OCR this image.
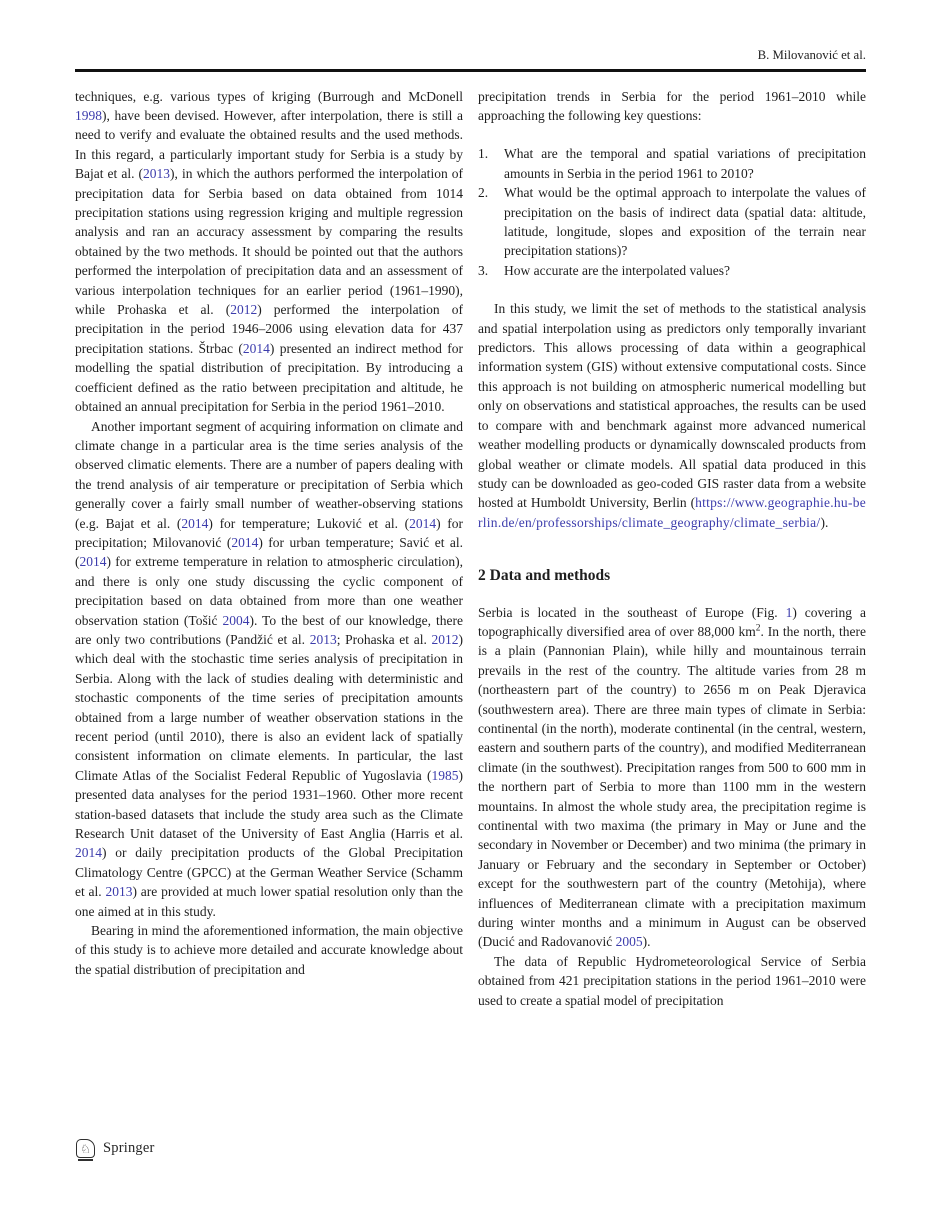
B. Milovanović et al.

techniques, e.g. various types of kriging (Burrough and McDonell 1998), have been devised. However, after interpolation, there is still a need to verify and evaluate the obtained results and the used methods. In this regard, a particularly important study for Serbia is a study by Bajat et al. (2013), in which the authors performed the interpolation of precipitation data for Serbia based on data obtained from 1014 precipitation stations using regression kriging and multiple regression analysis and ran an accuracy assessment by comparing the results obtained by the two methods. It should be pointed out that the authors performed the interpolation of precipitation data and an assessment of various interpolation techniques for an earlier period (1961–1990), while Prohaska et al. (2012) performed the interpolation of precipitation in the period 1946–2006 using elevation data for 437 precipitation stations. Štrbac (2014) presented an indirect method for modelling the spatial distribution of precipitation. By introducing a coefficient defined as the ratio between precipitation and altitude, he obtained an annual precipitation for Serbia in the period 1961–2010.

Another important segment of acquiring information on climate and climate change in a particular area is the time series analysis of the observed climatic elements. There are a number of papers dealing with the trend analysis of air temperature or precipitation of Serbia which generally cover a fairly small number of weather-observing stations (e.g. Bajat et al. (2014) for temperature; Luković et al. (2014) for precipitation; Milovanović (2014) for urban temperature; Savić et al. (2014) for extreme temperature in relation to atmospheric circulation), and there is only one study discussing the cyclic component of precipitation based on data obtained from more than one weather observation station (Tošić 2004). To the best of our knowledge, there are only two contributions (Pandžić et al. 2013; Prohaska et al. 2012) which deal with the stochastic time series analysis of precipitation in Serbia. Along with the lack of studies dealing with deterministic and stochastic components of the time series of precipitation amounts obtained from a large number of weather observation stations in the recent period (until 2010), there is also an evident lack of spatially consistent information on climate elements. In particular, the last Climate Atlas of the Socialist Federal Republic of Yugoslavia (1985) presented data analyses for the period 1931–1960. Other more recent station-based datasets that include the study area such as the Climate Research Unit dataset of the University of East Anglia (Harris et al. 2014) or daily precipitation products of the Global Precipitation Climatology Centre (GPCC) at the German Weather Service (Schamm et al. 2013) are provided at much lower spatial resolution only than the one aimed at in this study.

Bearing in mind the aforementioned information, the main objective of this study is to achieve more detailed and accurate knowledge about the spatial distribution of precipitation and

precipitation trends in Serbia for the period 1961–2010 while approaching the following key questions:

1.	What are the temporal and spatial variations of precipitation amounts in Serbia in the period 1961 to 2010?
2.	What would be the optimal approach to interpolate the values of precipitation on the basis of indirect data (spatial data: altitude, latitude, longitude, slopes and exposition of the terrain near precipitation stations)?
3.	How accurate are the interpolated values?

In this study, we limit the set of methods to the statistical analysis and spatial interpolation using as predictors only temporally invariant predictors. This allows processing of data within a geographical information system (GIS) without extensive computational costs. Since this approach is not building on atmospheric numerical modelling but only on observations and statistical approaches, the results can be used to compare with and benchmark against more advanced numerical weather modelling products or dynamically downscaled products from global weather or climate models. All spatial data produced in this study can be downloaded as geo-coded GIS raster data from a website hosted at Humboldt University, Berlin (https://www.geographie.hu-berlin.de/en/professorships/climate_geography/climate_serbia/).

2 Data and methods

Serbia is located in the southeast of Europe (Fig. 1) covering a topographically diversified area of over 88,000 $km^2$. In the north, there is a plain (Pannonian Plain), while hilly and mountainous terrain prevails in the rest of the country. The altitude varies from 28 m (northeastern part of the country) to 2656 m on Peak Djeravica (southwestern area). There are three main types of climate in Serbia: continental (in the north), moderate continental (in the central, western, eastern and southern parts of the country), and modified Mediterranean climate (in the southwest). Precipitation ranges from 500 to 600 mm in the northern part of Serbia to more than 1100 mm in the western mountains. In almost the whole study area, the precipitation regime is continental with two maxima (the primary in May or June and the secondary in November or December) and two minima (the primary in January or February and the secondary in September or October) except for the southwestern part of the country (Metohija), where influences of Mediterranean climate with a precipitation maximum during winter months and a minimum in August can be observed (Ducić and Radovanović 2005).

The data of Republic Hydrometeorological Service of Serbia obtained from 421 precipitation stations in the period 1961–2010 were used to create a spatial model of precipitation

♘ Springer
